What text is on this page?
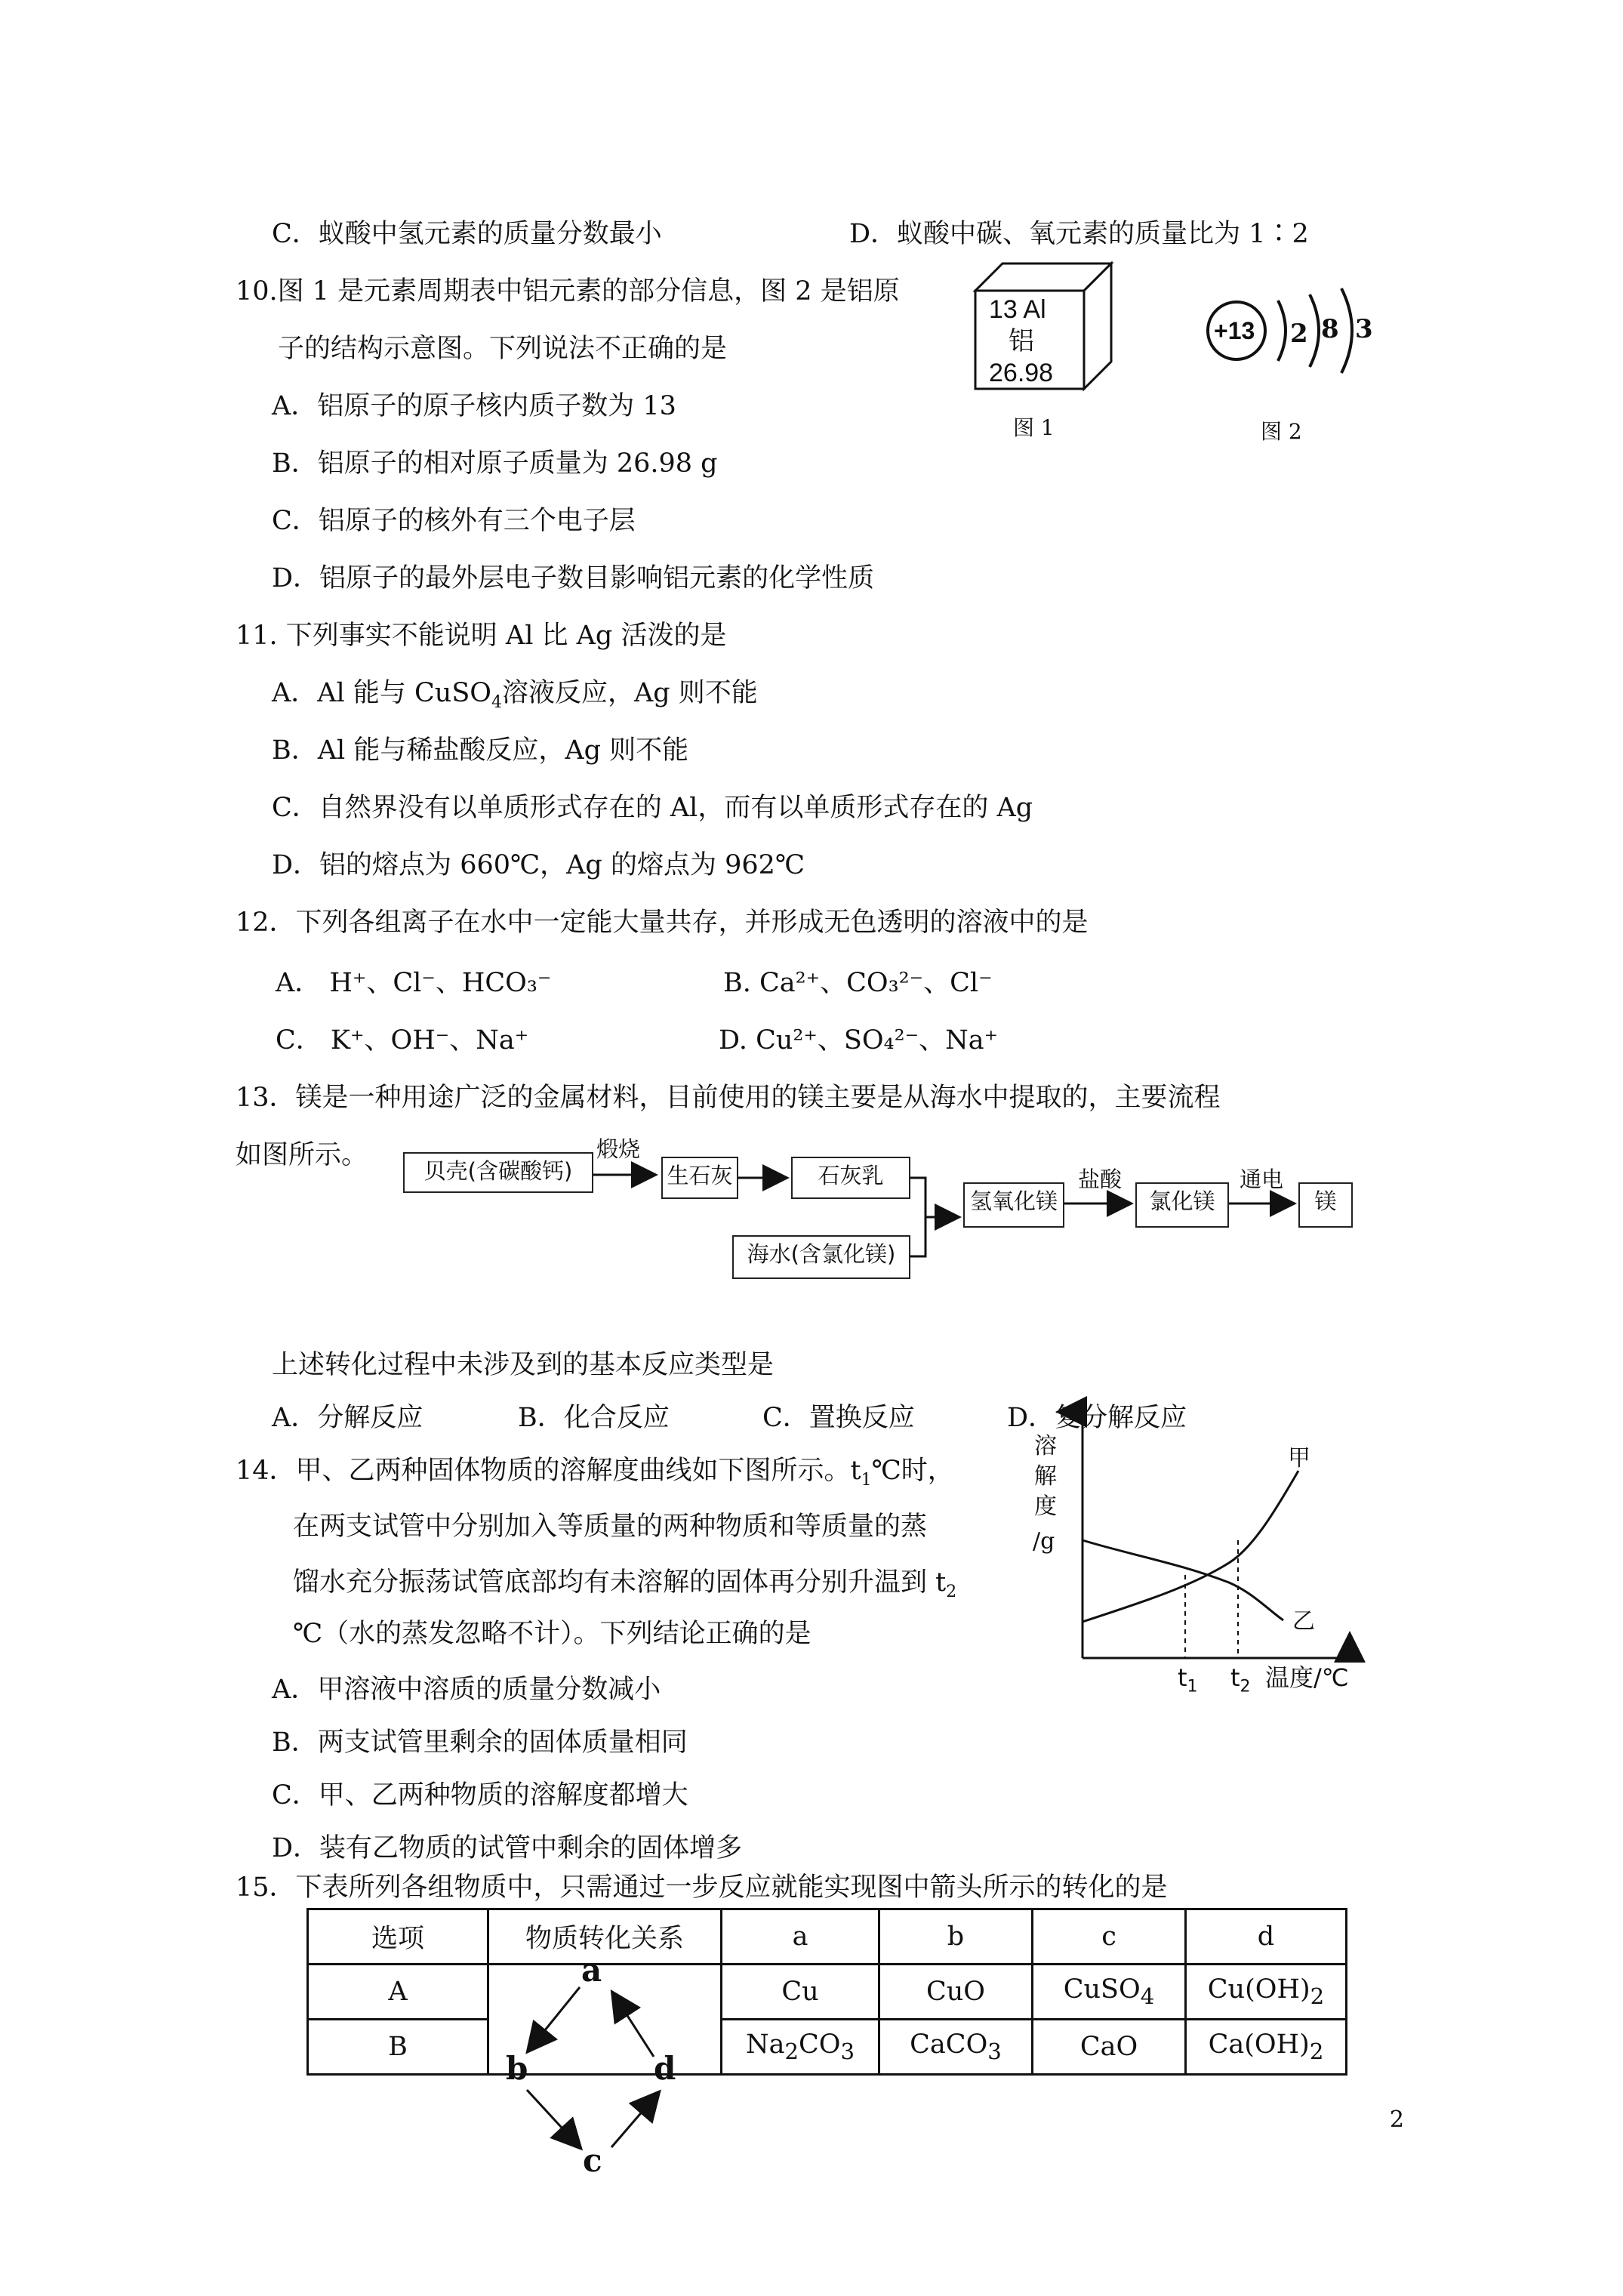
C．蚁酸中氢元素的质量分数最小	D．蚁酸中碳、氧元素的质量比为 1∶2
10.图 1 是元素周期表中铝元素的部分信息，图 2 是铝原
子的结构示意图。下列说法不正确的是
A．铝原子的原子核内质子数为 13
B．铝原子的相对原子质量为 26.98 g
C．铝原子的核外有三个电子层
D．铝原子的最外层电子数目影响铝元素的化学性质
13 Al
铝
26.98
图 1
+13 2 8 3
图 2
11. 下列事实不能说明 Al 比 Ag 活泼的是
A．Al 能与 CuSO$_4$溶液反应，Ag 则不能
B．Al 能与稀盐酸反应，Ag 则不能
C．自然界没有以单质形式存在的 Al，而有以单质形式存在的 Ag
D．铝的熔点为 660℃，Ag 的熔点为 962℃
12．下列各组离子在水中一定能大量共存，并形成无色透明的溶液中的是
A． H⁺、Cl⁻、HCO₃⁻	B. Ca²⁺、CO₃²⁻、Cl⁻
C． K⁺、OH⁻、Na⁺	D. Cu²⁺、SO₄²⁻、Na⁺
13．镁是一种用途广泛的金属材料，目前使用的镁主要是从海水中提取的，主要流程
如图所示。
贝壳(含碳酸钙)
煅烧
生石灰	石灰乳
海水(含氯化镁)
氢氧化镁
盐酸
氯化镁
通电
镁
上述转化过程中未涉及到的基本反应类型是
A．分解反应	B．化合反应	C．置换反应	D．复分解反应
14．甲、乙两种固体物质的溶解度曲线如下图所示。$t_1℃$时，
在两支试管中分别加入等质量的两种物质和等质量的蒸
馏水充分振荡试管底部均有未溶解的固体再分别升温到 $t_2$
℃（水的蒸发忽略不计）。下列结论正确的是
A．甲溶液中溶质的质量分数减小
B．两支试管里剩余的固体质量相同
C．甲、乙两种物质的溶解度都增大
D．装有乙物质的试管中剩余的固体增多
溶
解
度
/g
甲
乙
$t_1$ $t_2$ 温度/℃
15．下表所列各组物质中，只需通过一步反应就能实现图中箭头所示的转化的是
选项	物质转化关系	a	b	c	d
A		Cu	CuO	CuSO$_4$	$Cu(OH)_2$
B		$Na_2CO_3$	CaCO$_3$	CaO	$Ca(OH)_2$
a
b
c
d
2
